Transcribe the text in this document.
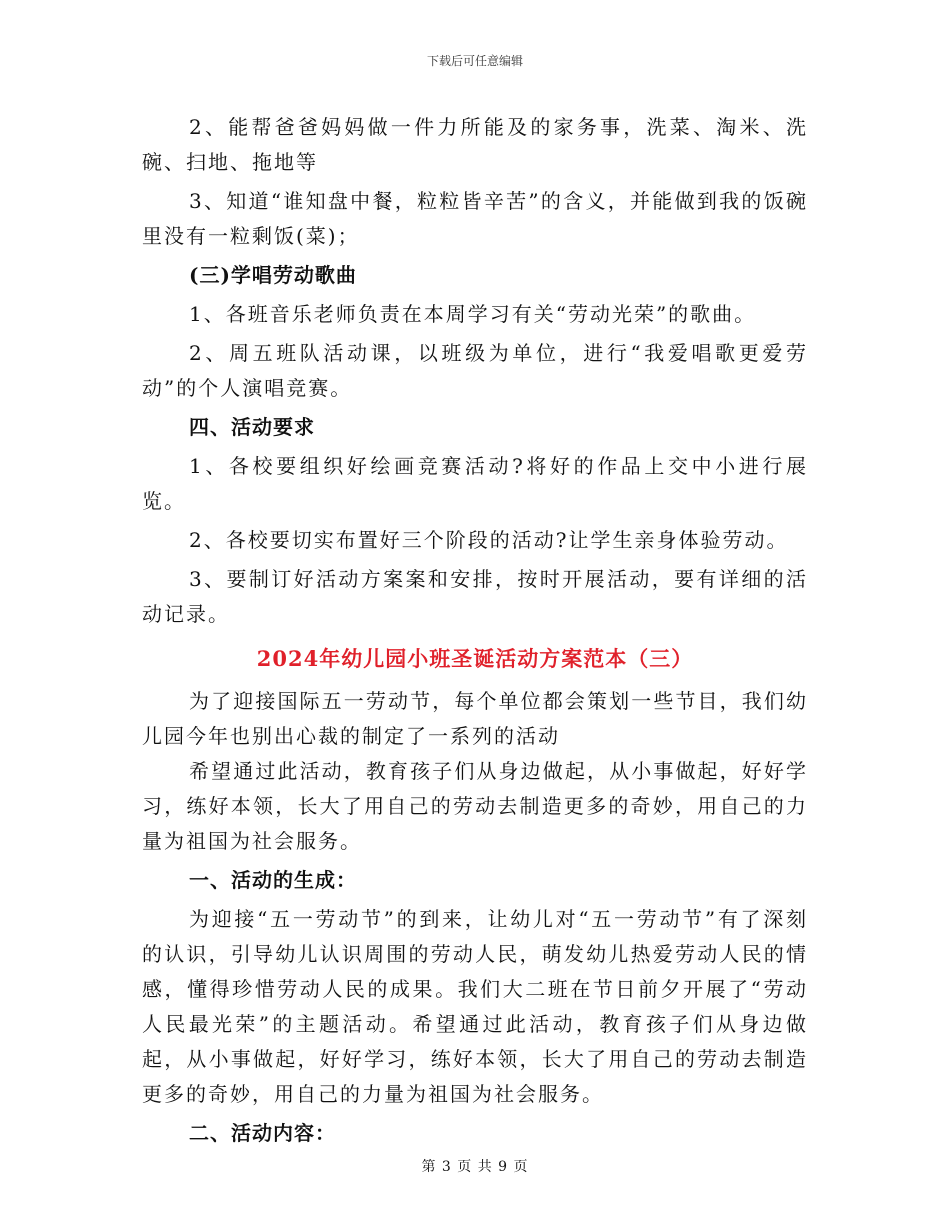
下载后可任意编辑

2、能帮爸爸妈妈做一件力所能及的家务事，洗菜、淘米、洗碗、扫地、拖地等

3、知道“谁知盘中餐，粒粒皆辛苦”的含义，并能做到我的饭碗里没有一粒剩饭(菜)；

(三)学唱劳动歌曲

1、各班音乐老师负责在本周学习有关“劳动光荣”的歌曲。

2、周五班队活动课，以班级为单位，进行“我爱唱歌更爱劳动”的个人演唱竞赛。

四、活动要求

1、各校要组织好绘画竞赛活动?将好的作品上交中小进行展览。

2、各校要切实布置好三个阶段的活动?让学生亲身体验劳动。

3、要制订好活动方案案和安排，按时开展活动，要有详细的活动记录。

2024年幼儿园小班圣诞活动方案范本（三）

为了迎接国际五一劳动节，每个单位都会策划一些节目，我们幼儿园今年也别出心裁的制定了一系列的活动

希望通过此活动，教育孩子们从身边做起，从小事做起，好好学习，练好本领，长大了用自己的劳动去制造更多的奇妙，用自己的力量为祖国为社会服务。

一、活动的生成：

为迎接“五一劳动节”的到来，让幼儿对“五一劳动节”有了深刻的认识，引导幼儿认识周围的劳动人民，萌发幼儿热爱劳动人民的情感，懂得珍惜劳动人民的成果。我们大二班在节日前夕开展了“劳动人民最光荣”的主题活动。希望通过此活动，教育孩子们从身边做起，从小事做起，好好学习，练好本领，长大了用自己的劳动去制造更多的奇妙，用自己的力量为祖国为社会服务。

二、活动内容：

第 3 页 共 9 页
